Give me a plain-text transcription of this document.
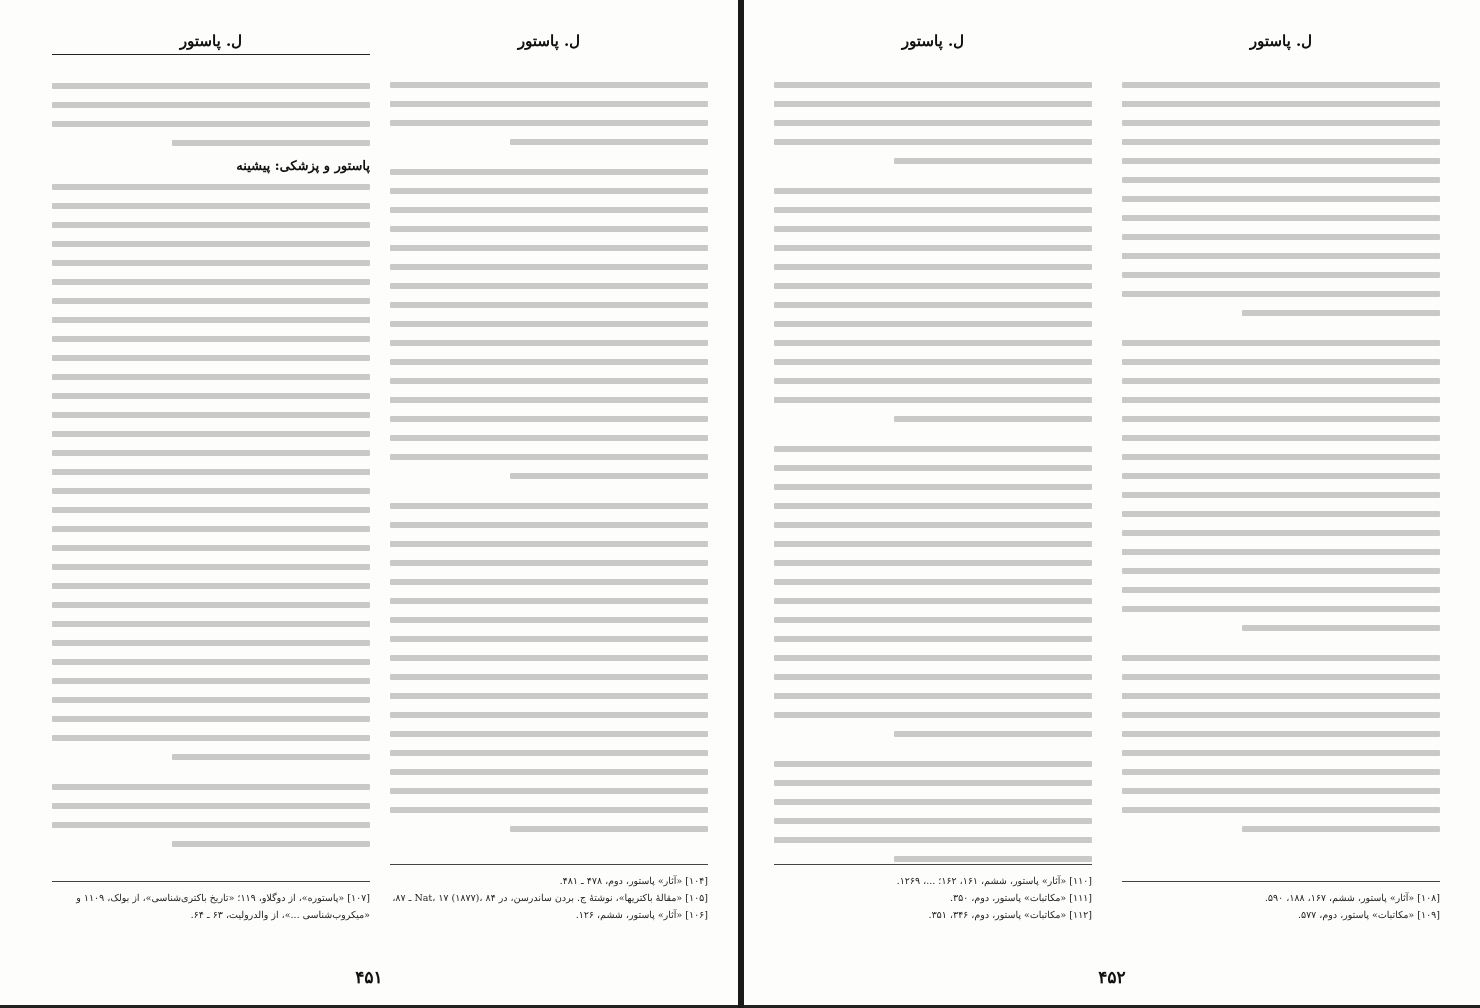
ل. پاستور
[۱۰۴] «آثار» پاستور، دوم، ۴۷۸ ـ ۴۸۱.
[۱۰۵] «مقالهٔ باکتریها»، نوشتهٔ ج. بردن ساندرسن، در Nat، ۱۷ (۱۸۷۷)، ۸۴ ـ ۸۷،
[۱۰۶] «آثار» پاستور، ششم، ۱۲۶.
ل. پاستور
پاستور و پزشکی: پیشینه
[۱۰۷] «پاستوره»، از دوگلاو، ۱۱۹؛ «تاریخ باکتری‌شناسی»، از بولک، ۱۱۰۹ و
«میکروب‌شناسی ...»، از والدرولیت، ۶۳ ـ ۶۴.
۴۵۱
ل. پاستور
[۱۰۸] «آثار» پاستور، ششم، ۱۶۷، ۱۸۸، ۵۹۰.
[۱۰۹] «مکاتبات» پاستور، دوم، ۵۷۷.
ل. پاستور
[۱۱۰] «آثار» پاستور، ششم، ۱۶۱، ۱۶۲؛ ...، ۱۲۶۹.
[۱۱۱] «مکاتبات» پاستور، دوم، ۳۵۰.
[۱۱۲] «مکاتبات» پاستور، دوم، ۳۴۶، ۳۵۱.
۴۵۲
